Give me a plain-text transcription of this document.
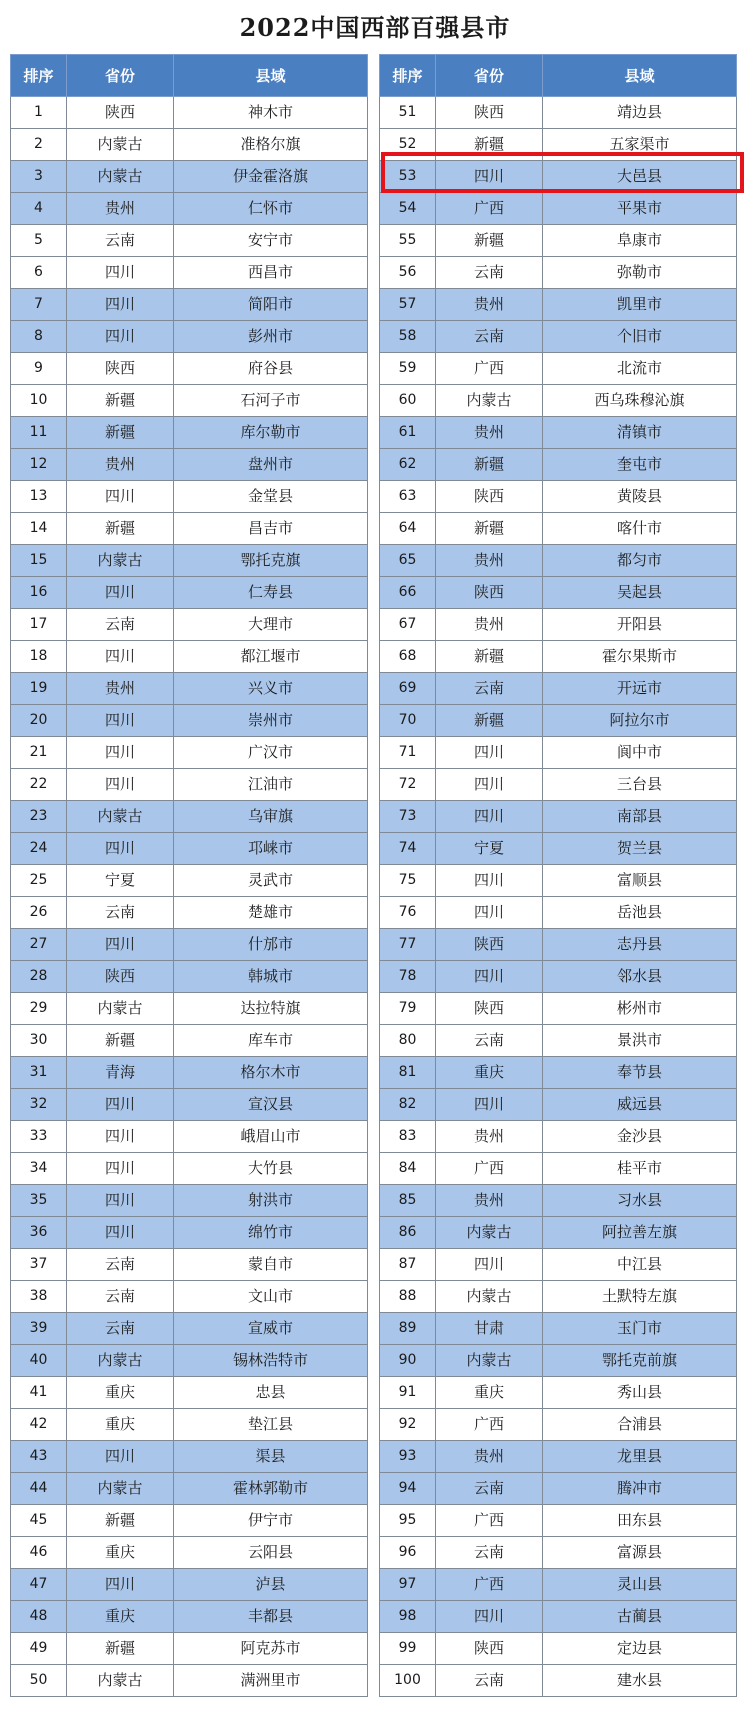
2022中国西部百强县市
排序	省份	县域
1	陕西	神木市
2	内蒙古	准格尔旗
3	内蒙古	伊金霍洛旗
4	贵州	仁怀市
5	云南	安宁市
6	四川	西昌市
7	四川	简阳市
8	四川	彭州市
9	陕西	府谷县
10	新疆	石河子市
11	新疆	库尔勒市
12	贵州	盘州市
13	四川	金堂县
14	新疆	昌吉市
15	内蒙古	鄂托克旗
16	四川	仁寿县
17	云南	大理市
18	四川	都江堰市
19	贵州	兴义市
20	四川	崇州市
21	四川	广汉市
22	四川	江油市
23	内蒙古	乌审旗
24	四川	邛崃市
25	宁夏	灵武市
26	云南	楚雄市
27	四川	什邡市
28	陕西	韩城市
29	内蒙古	达拉特旗
30	新疆	库车市
31	青海	格尔木市
32	四川	宣汉县
33	四川	峨眉山市
34	四川	大竹县
35	四川	射洪市
36	四川	绵竹市
37	云南	蒙自市
38	云南	文山市
39	云南	宣威市
40	内蒙古	锡林浩特市
41	重庆	忠县
42	重庆	垫江县
43	四川	渠县
44	内蒙古	霍林郭勒市
45	新疆	伊宁市
46	重庆	云阳县
47	四川	泸县
48	重庆	丰都县
49	新疆	阿克苏市
50	内蒙古	满洲里市
排序	省份	县域
51	陕西	靖边县
52	新疆	五家渠市
53	四川	大邑县
54	广西	平果市
55	新疆	阜康市
56	云南	弥勒市
57	贵州	凯里市
58	云南	个旧市
59	广西	北流市
60	内蒙古	西乌珠穆沁旗
61	贵州	清镇市
62	新疆	奎屯市
63	陕西	黄陵县
64	新疆	喀什市
65	贵州	都匀市
66	陕西	吴起县
67	贵州	开阳县
68	新疆	霍尔果斯市
69	云南	开远市
70	新疆	阿拉尔市
71	四川	阆中市
72	四川	三台县
73	四川	南部县
74	宁夏	贺兰县
75	四川	富顺县
76	四川	岳池县
77	陕西	志丹县
78	四川	邻水县
79	陕西	彬州市
80	云南	景洪市
81	重庆	奉节县
82	四川	威远县
83	贵州	金沙县
84	广西	桂平市
85	贵州	习水县
86	内蒙古	阿拉善左旗
87	四川	中江县
88	内蒙古	土默特左旗
89	甘肃	玉门市
90	内蒙古	鄂托克前旗
91	重庆	秀山县
92	广西	合浦县
93	贵州	龙里县
94	云南	腾冲市
95	广西	田东县
96	云南	富源县
97	广西	灵山县
98	四川	古蔺县
99	陕西	定边县
100	云南	建水县
